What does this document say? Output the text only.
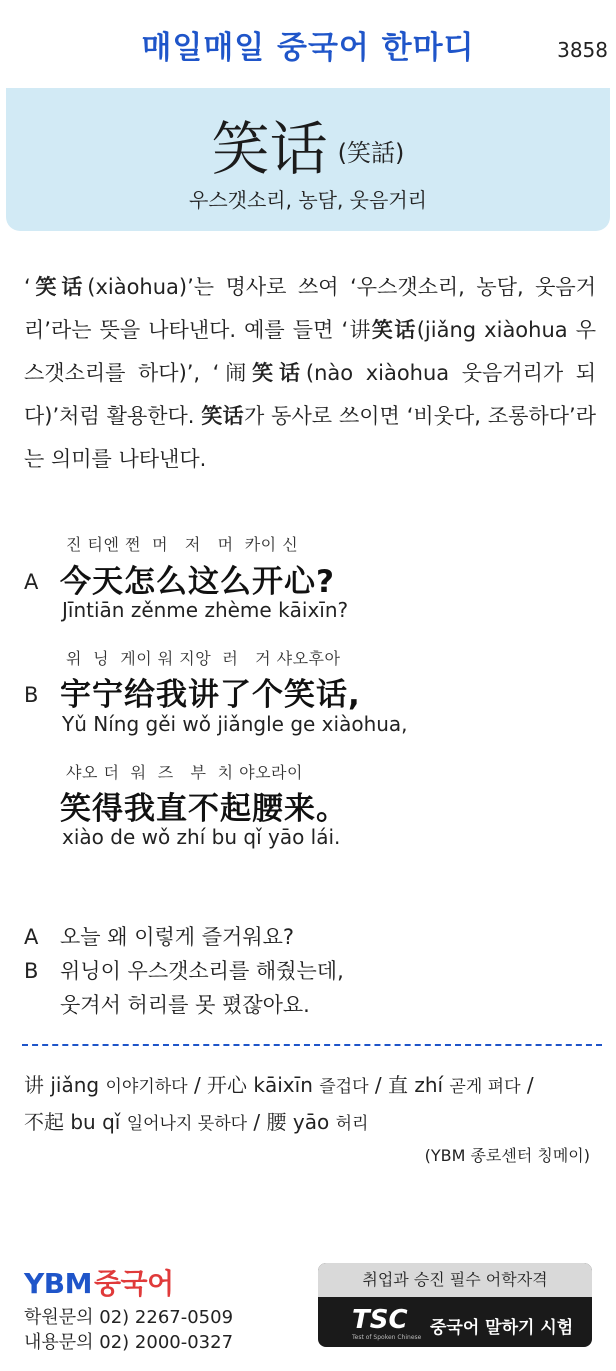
매일매일 중국어 한마디	3858
笑话 (笑話)
우스갯소리, 농담, 웃음거리
‘笑话(xiàohua)’는 명사로 쓰여 ‘우스갯소리, 농담, 웃음거리’라는 뜻을 나타낸다. 예를 들면 ‘讲笑话(jiǎng xiàohua 우스갯소리를 하다)’, ‘闹笑话(nào xiàohua 웃음거리가 되다)’처럼 활용한다. 笑话가 동사로 쓰이면 ‘비웃다, 조롱하다’라는 의미를 나타낸다.
진 티엔 쩐  머   저   머  카이 신
A 今天怎么这么开心?
Jīntiān zěnme zhème kāixīn?
위  닝  게이 워 지앙  러   거 샤오후아
B 宇宁给我讲了个笑话,
Yǔ Níng gěi wǒ jiǎngle ge xiàohua,
샤오 더  워  즈   부  치 야오라이
笑得我直不起腰来。
xiào de wǒ zhí bu qǐ yāo lái.
A 오늘 왜 이렇게 즐거워요?
B 위닝이 우스갯소리를 해줬는데,
웃겨서 허리를 못 폈잖아요.
讲 jiǎng 이야기하다 / 开心 kāixīn 즐겁다 / 直 zhí 곧게 펴다 /
不起 bu qǐ 일어나지 못하다 / 腰 yāo 허리
(YBM 종로센터 칭메이)
YBM중국어
학원문의 02) 2267-0509
내용문의 02) 2000-0327
취업과 승진 필수 어학자격
TSC
Test of Spoken Chinese 중국어 말하기 시험
